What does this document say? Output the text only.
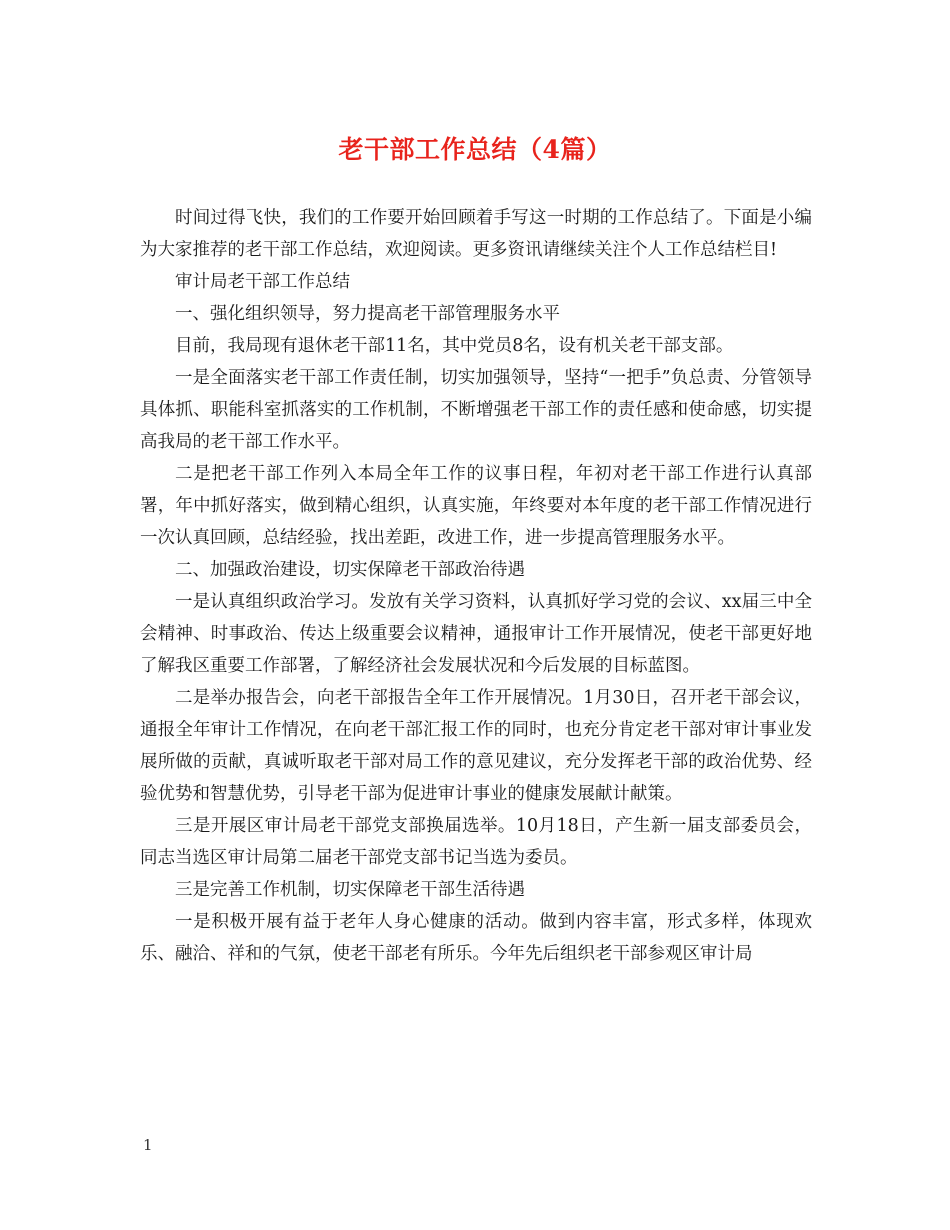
老干部工作总结（4篇）

时间过得飞快，我们的工作要开始回顾着手写这一时期的工作总结了。下面是小编为大家推荐的老干部工作总结，欢迎阅读。更多资讯请继续关注个人工作总结栏目!

审计局老干部工作总结

一、强化组织领导，努力提高老干部管理服务水平

目前，我局现有退休老干部11名，其中党员8名，设有机关老干部支部。

一是全面落实老干部工作责任制，切实加强领导，坚持“一把手”负总责、分管领导具体抓、职能科室抓落实的工作机制，不断增强老干部工作的责任感和使命感，切实提高我局的老干部工作水平。

二是把老干部工作列入本局全年工作的议事日程，年初对老干部工作进行认真部署，年中抓好落实，做到精心组织，认真实施，年终要对本年度的老干部工作情况进行一次认真回顾，总结经验，找出差距，改进工作，进一步提高管理服务水平。

二、加强政治建设，切实保障老干部政治待遇

一是认真组织政治学习。发放有关学习资料，认真抓好学习党的会议、xx届三中全会精神、时事政治、传达上级重要会议精神，通报审计工作开展情况，使老干部更好地了解我区重要工作部署，了解经济社会发展状况和今后发展的目标蓝图。

二是举办报告会，向老干部报告全年工作开展情况。1月30日，召开老干部会议，通报全年审计工作情况，在向老干部汇报工作的同时，也充分肯定老干部对审计事业发展所做的贡献，真诚听取老干部对局工作的意见建议，充分发挥老干部的政治优势、经验优势和智慧优势，引导老干部为促进审计事业的健康发展献计献策。

三是开展区审计局老干部党支部换届选举。10月18日，产生新一届支部委员会，同志当选区审计局第二届老干部党支部书记当选为委员。

三是完善工作机制，切实保障老干部生活待遇

一是积极开展有益于老年人身心健康的活动。做到内容丰富，形式多样，体现欢乐、融洽、祥和的气氛，使老干部老有所乐。今年先后组织老干部参观区审计局

1
